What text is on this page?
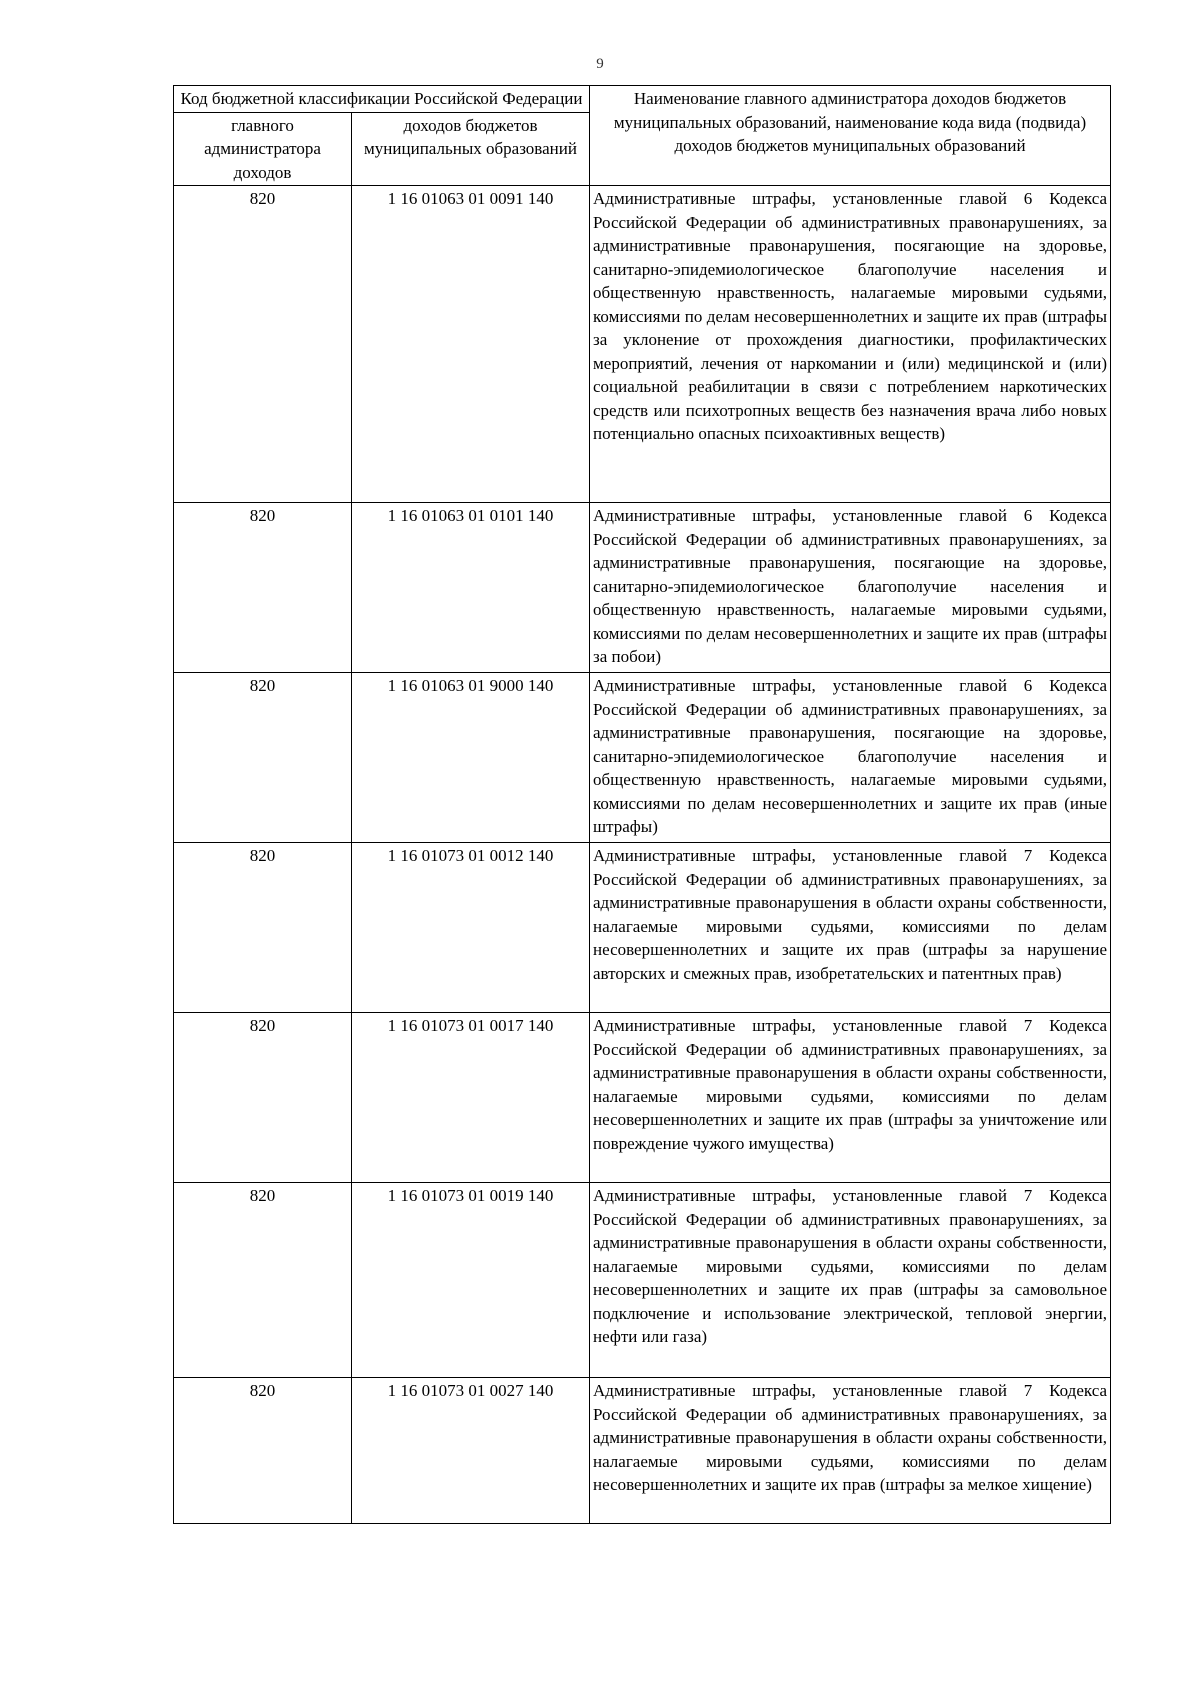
9
Код бюджетной классификации Российской Федерации		Наименование главного администратора доходов бюджетов муниципальных образований, наименование кода вида (подвида) доходов бюджетов муниципальных образований
главного администратора доходов	доходов бюджетов муниципальных образований	
820	1 16 01063 01 0091 140	Административные штрафы, установленные главой 6 Кодекса Российской Федерации об административных правонарушениях, за административные правонарушения, посягающие на здоровье, санитарно-эпидемиологическое благополучие населения и общественную нравственность, налагаемые мировыми судьями, комиссиями по делам несовершеннолетних и защите их прав (штрафы за уклонение от прохождения диагностики, профилактических мероприятий, лечения от наркомании и (или) медицинской и (или) социальной реабилитации в связи с потреблением наркотических средств или психотропных веществ без назначения врача либо новых потенциально опасных психоактивных веществ)
820	1 16 01063 01 0101 140	Административные штрафы, установленные главой 6 Кодекса Российской Федерации об административных правонарушениях, за административные правонарушения, посягающие на здоровье, санитарно-эпидемиологическое благополучие населения и общественную нравственность, налагаемые мировыми судьями, комиссиями по делам несовершеннолетних и защите их прав (штрафы за побои)
820	1 16 01063 01 9000 140	Административные штрафы, установленные главой 6 Кодекса Российской Федерации об административных правонарушениях, за административные правонарушения, посягающие на здоровье, санитарно-эпидемиологическое благополучие населения и общественную нравственность, налагаемые мировыми судьями, комиссиями по делам несовершеннолетних и защите их прав (иные штрафы)
820	1 16 01073 01 0012 140	Административные штрафы, установленные главой 7 Кодекса Российской Федерации об административных правонарушениях, за административные правонарушения в области охраны собственности, налагаемые мировыми судьями, комиссиями по делам несовершеннолетних и защите их прав (штрафы за нарушение авторских и смежных прав, изобретательских и патентных прав)
820	1 16 01073 01 0017 140	Административные штрафы, установленные главой 7 Кодекса Российской Федерации об административных правонарушениях, за административные правонарушения в области охраны собственности, налагаемые мировыми судьями, комиссиями по делам несовершеннолетних и защите их прав (штрафы за уничтожение или повреждение чужого имущества)
820	1 16 01073 01 0019 140	Административные штрафы, установленные главой 7 Кодекса Российской Федерации об административных правонарушениях, за административные правонарушения в области охраны собственности, налагаемые мировыми судьями, комиссиями по делам несовершеннолетних и защите их прав (штрафы за самовольное подключение и использование электрической, тепловой энергии, нефти или газа)
820	1 16 01073 01 0027 140	Административные штрафы, установленные главой 7 Кодекса Российской Федерации об административных правонарушениях, за административные правонарушения в области охраны собственности, налагаемые мировыми судьями, комиссиями по делам несовершеннолетних и защите их прав (штрафы за мелкое хищение)
